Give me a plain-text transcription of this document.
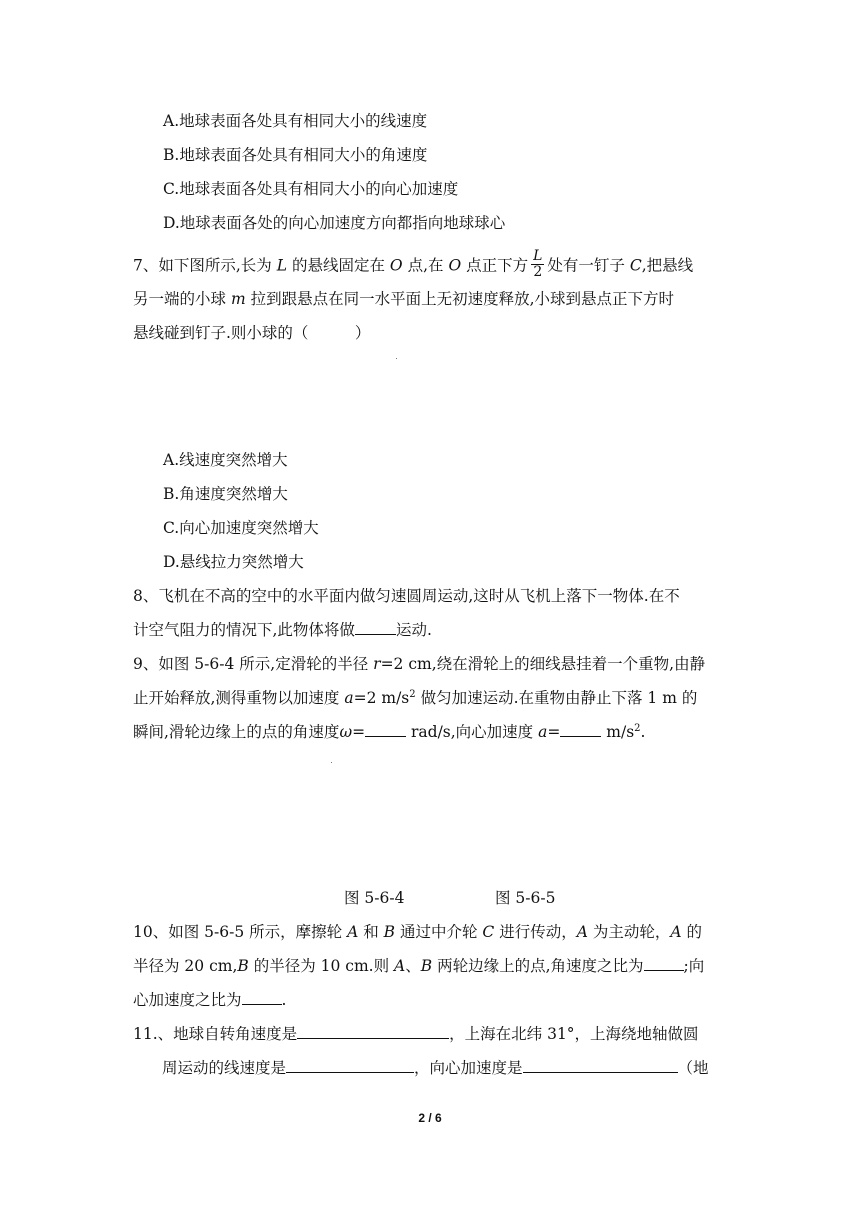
A.地球表面各处具有相同大小的线速度
B.地球表面各处具有相同大小的角速度
C.地球表面各处具有相同大小的向心加速度
D.地球表面各处的向心加速度方向都指向地球球心
7、如下图所示,长为 L 的悬线固定在 O 点,在 O 点正下方 $\frac{L}{2}$ 处有一钉子 C,把悬线
另一端的小球 m 拉到跟悬点在同一水平面上无初速度释放,小球到悬点正下方时
悬线碰到钉子.则小球的（　　　）
A.线速度突然增大
B.角速度突然增大
C.向心加速度突然增大
D.悬线拉力突然增大
8、飞机在不高的空中的水平面内做匀速圆周运动,这时从飞机上落下一物体.在不
计空气阻力的情况下,此物体将做	运动.
9、如图 5-6-4 所示,定滑轮的半径 r=2 cm,绕在滑轮上的细线悬挂着一个重物,由静
止开始释放,测得重物以加速度 a=2 $m/s^2$ 做匀加速运动.在重物由静止下落 1 m 的
瞬间,滑轮边缘上的点的角速度ω=	rad/s,向心加速度 a=	$m/s^2$.
图 5-6-4	图 5-6-5
10、如图 5-6-5 所示，摩擦轮 A 和 B 通过中介轮 C 进行传动，A 为主动轮，A 的
半径为 20 cm,B 的半径为 10 cm.则 A、B 两轮边缘上的点,角速度之比为	;向
心加速度之比为	.
11.、地球自转角速度是	，上海在北纬 31°，上海绕地轴做圆
周运动的线速度是	，向心加速度是	（地
2 / 6
